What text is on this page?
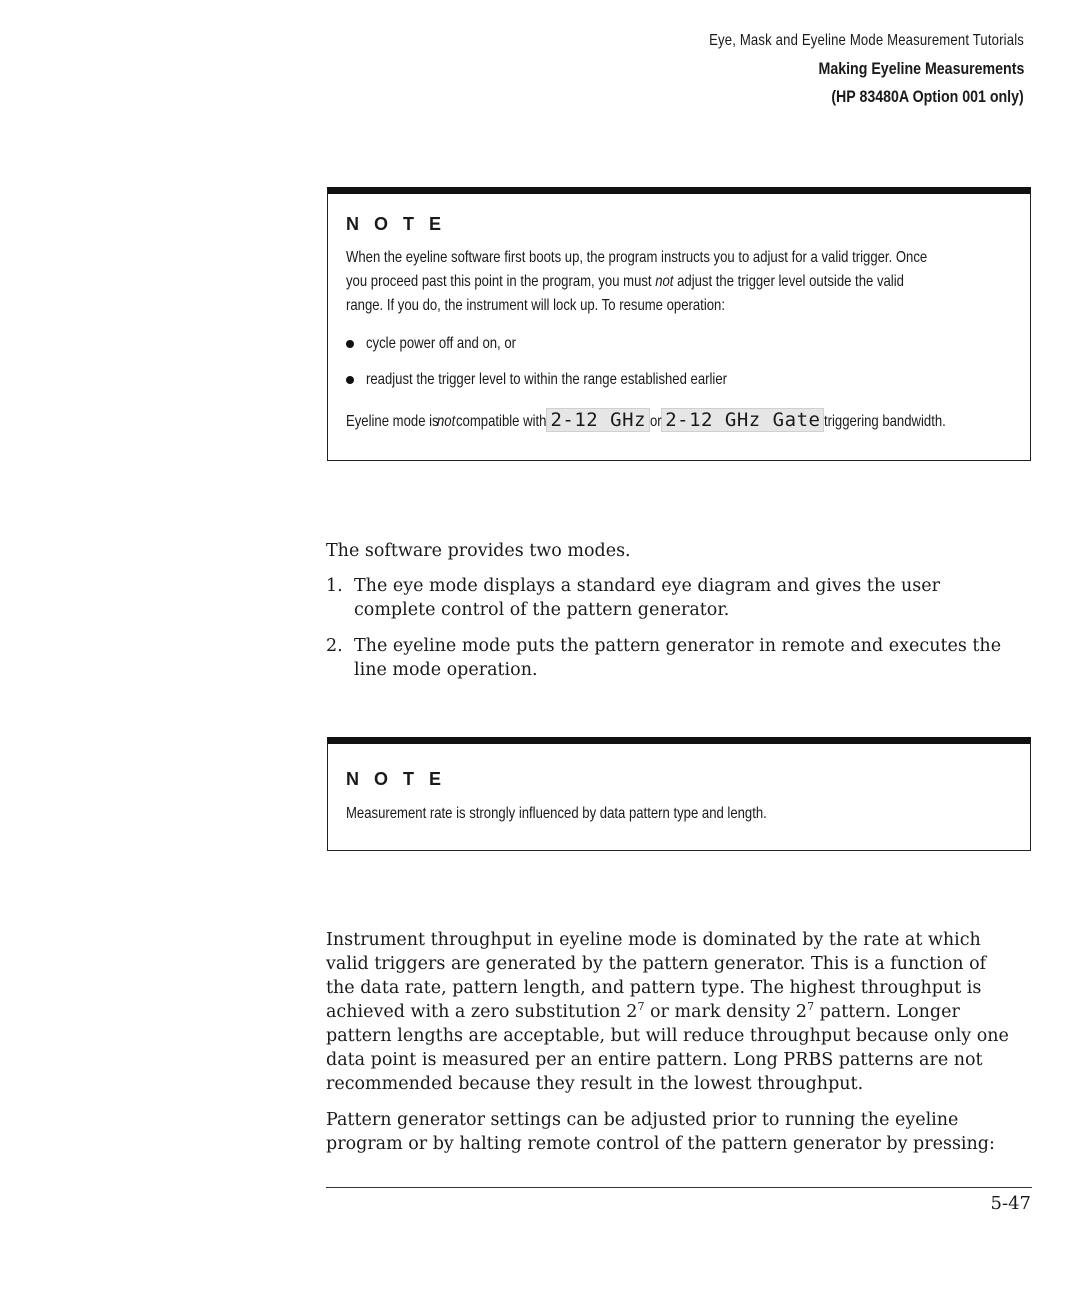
Eye, Mask and Eyeline Mode Measurement Tutorials
Making Eyeline Measurements
(HP 83480A Option 001 only)
N O T E
When the eyeline software first boots up, the program instructs you to adjust for a valid trigger. Once
you proceed past this point in the program, you must not adjust the trigger level outside the valid
range. If you do, the instrument will lock up. To resume operation:
cycle power off and on, or
readjust the trigger level to within the range established earlier
Eyeline mode isnotcompatible with2-12 GHzor2-12 GHz Gatetriggering bandwidth.
The software provides two modes.
1. The eye mode displays a standard eye diagram and gives the user
complete control of the pattern generator.
2. The eyeline mode puts the pattern generator in remote and executes the
line mode operation.
N O T E
Measurement rate is strongly influenced by data pattern type and length.
Instrument throughput in eyeline mode is dominated by the rate at which
valid triggers are generated by the pattern generator. This is a function of
the data rate, pattern length, and pattern type. The highest throughput is
achieved with a zero substitution $2^7$ or mark density $2^7$ pattern. Longer
pattern lengths are acceptable, but will reduce throughput because only one
data point is measured per an entire pattern. Long PRBS patterns are not
recommended because they result in the lowest throughput.
Pattern generator settings can be adjusted prior to running the eyeline
program or by halting remote control of the pattern generator by pressing:
5-47
